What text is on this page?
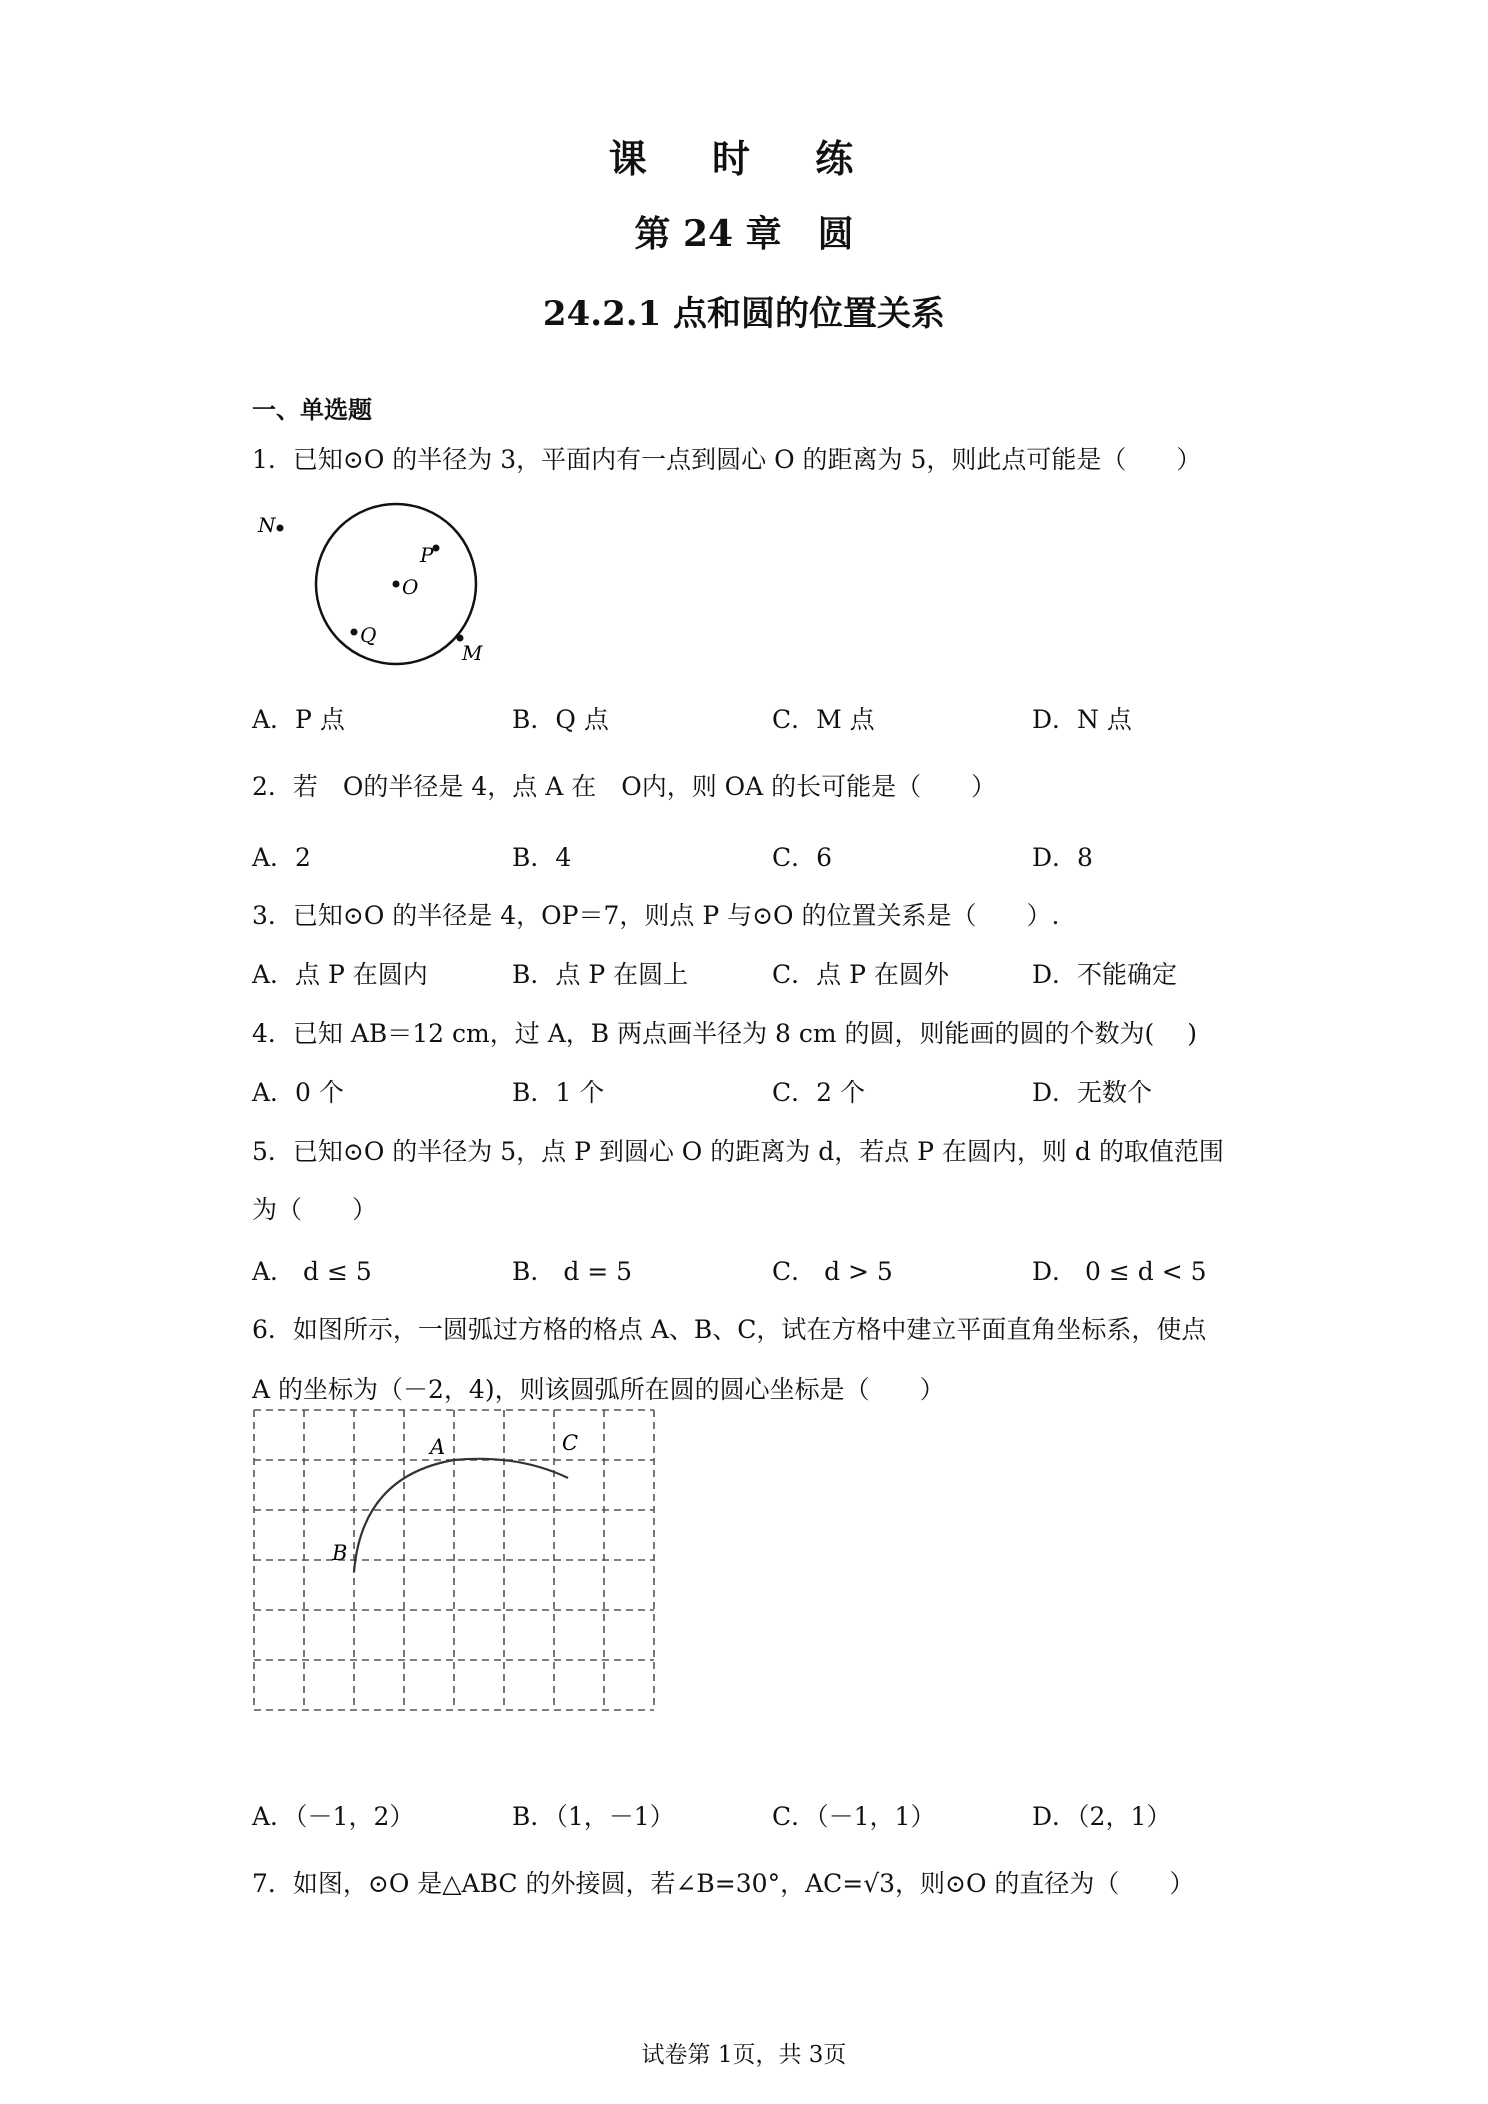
课 时 练
第 24 章　圆
24.2.1 点和圆的位置关系
一、单选题
1．已知⊙O 的半径为 3，平面内有一点到圆心 O 的距离为 5，则此点可能是（　　）
N
P
O
Q
M
A．P 点	B．Q 点	C．M 点	D．N 点
2．若　O的半径是 4，点 A 在　O内，则 OA 的长可能是（　　）
A．2	B．4	C．6	D．8
3．已知⊙O 的半径是 4，OP＝7，则点 P 与⊙O 的位置关系是（　　）.
A．点 P 在圆内	B．点 P 在圆上	C．点 P 在圆外	D．不能确定
4．已知 AB＝12 cm，过 A，B 两点画半径为 8 cm 的圆，则能画的圆的个数为(　 )
A．0 个	B．1 个	C．2 个	D．无数个
5．已知⊙O 的半径为 5，点 P 到圆心 O 的距离为 d，若点 P 在圆内，则 d 的取值范围
为（　　）
A． d ≤ 5	B． d = 5	C． d > 5	D． 0 ≤ d < 5
6．如图所示，一圆弧过方格的格点 A、B、C，试在方格中建立平面直角坐标系，使点
A 的坐标为（－2，4)，则该圆弧所在圆的圆心坐标是（　　）
A	C
B
A．（－1，2）	B．（1，－1）	C．（－1，1）	D．（2，1）
7．如图，⊙O 是△ABC 的外接圆，若∠B=30°，AC=√3，则⊙O 的直径为（　　）
试卷第 1页，共 3页
